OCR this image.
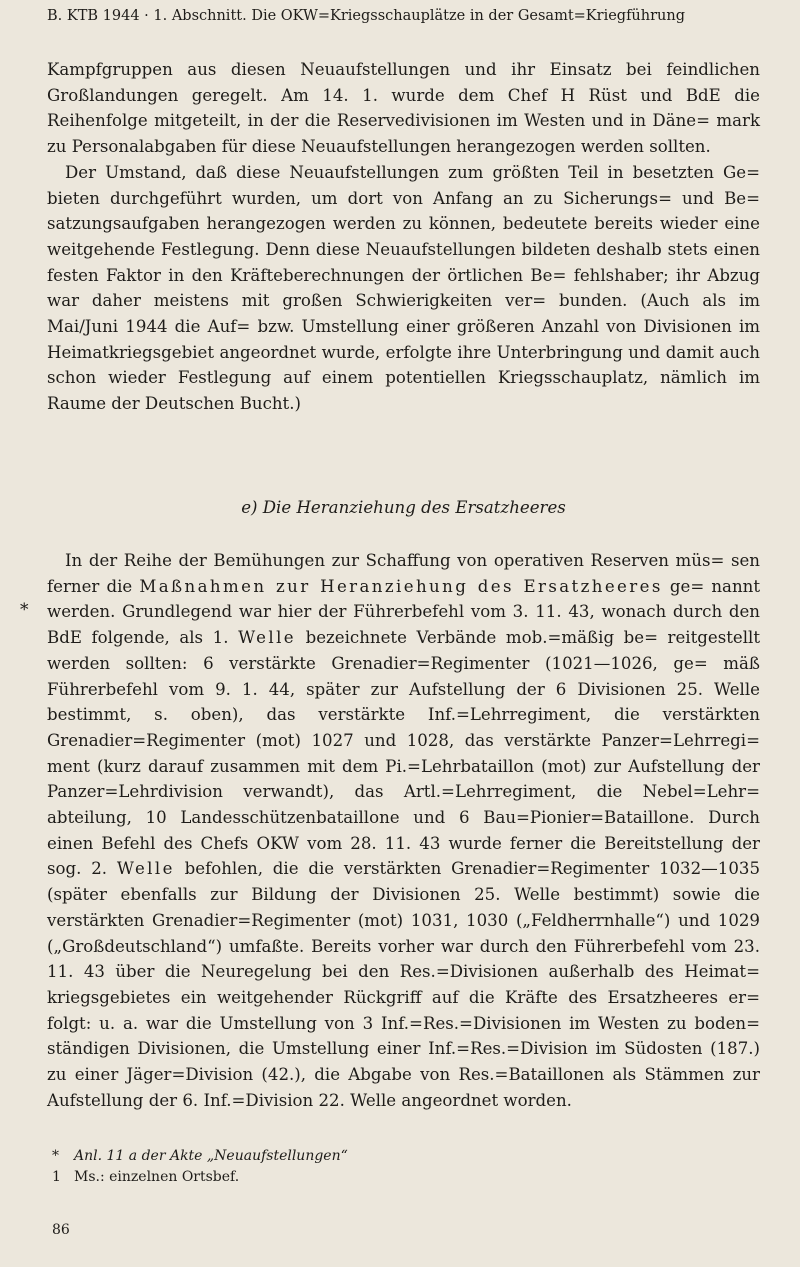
B. KTB 1944 · 1. Abschnitt. Die OKW=Kriegsschauplätze in der Gesamt=Kriegführung

Kampfgruppen aus diesen Neuaufstellungen und ihr Einsatz bei feindlichen Großlandungen geregelt. Am 14. 1. wurde dem Chef H Rüst und BdE die Reihenfolge mitgeteilt, in der die Reservedivisionen im Westen und in Däne= mark zu Personalabgaben für diese Neuaufstellungen herangezogen werden sollten.

Der Umstand, daß diese Neuaufstellungen zum größten Teil in besetzten Ge= bieten durchgeführt wurden, um dort von Anfang an zu Sicherungs= und Be= satzungsaufgaben herangezogen werden zu können, bedeutete bereits wieder eine weitgehende Festlegung. Denn diese Neuaufstellungen bildeten deshalb stets einen festen Faktor in den Kräfteberechnungen der örtlichen Be= fehlshaber; ihr Abzug war daher meistens mit großen Schwierigkeiten ver= bunden. (Auch als im Mai/Juni 1944 die Auf= bzw. Umstellung einer größeren Anzahl von Divisionen im Heimatkriegsgebiet angeordnet wurde, erfolgte ihre Unterbringung und damit auch schon wieder Festlegung auf einem potentiellen Kriegsschauplatz, nämlich im Raume der Deutschen Bucht.)

e) Die Heranziehung des Ersatzheeres
*

In der Reihe der Bemühungen zur Schaffung von operativen Reserven müs= sen ferner die Maßnahmen zur Heranziehung des Ersatzheeres ge= nannt werden. Grundlegend war hier der Führerbefehl vom 3. 11. 43, wonach durch den BdE folgende, als 1. Welle bezeichnete Verbände mob.=mäßig be= reitgestellt werden sollten: 6 verstärkte Grenadier=Regimenter (1021—1026, ge= mäß Führerbefehl vom 9. 1. 44, später zur Aufstellung der 6 Divisionen 25. Welle bestimmt, s. oben), das verstärkte Inf.=Lehrregiment, die verstärkten Grenadier=Regimenter (mot) 1027 und 1028, das verstärkte Panzer=Lehrregi= ment (kurz darauf zusammen mit dem Pi.=Lehrbataillon (mot) zur Aufstellung der Panzer=Lehrdivision verwandt), das Artl.=Lehrregiment, die Nebel=Lehr= abteilung, 10 Landesschützenbataillone und 6 Bau=Pionier=Bataillone. Durch einen Befehl des Chefs OKW vom 28. 11. 43 wurde ferner die Bereitstellung der sog. 2. Welle befohlen, die die verstärkten Grenadier=Regimenter 1032—1035 (später ebenfalls zur Bildung der Divisionen 25. Welle bestimmt) sowie die verstärkten Grenadier=Regimenter (mot) 1031, 1030 („Feldherrnhalle“) und 1029 („Großdeutschland“) umfaßte. Bereits vorher war durch den Führerbefehl vom 23. 11. 43 über die Neuregelung bei den Res.=Divisionen außerhalb des Heimat= kriegsgebietes ein weitgehender Rückgriff auf die Kräfte des Ersatzheeres er= folgt: u. a. war die Umstellung von 3 Inf.=Res.=Divisionen im Westen zu boden= ständigen Divisionen, die Umstellung einer Inf.=Res.=Division im Südosten (187.) zu einer Jäger=Division (42.), die Abgabe von Res.=Bataillonen als Stämmen zur Aufstellung der 6. Inf.=Division 22. Welle angeordnet worden.

* Anl. 11 a der Akte „Neuaufstellungen“
1 Ms.: einzelnen Ortsbef.
86
